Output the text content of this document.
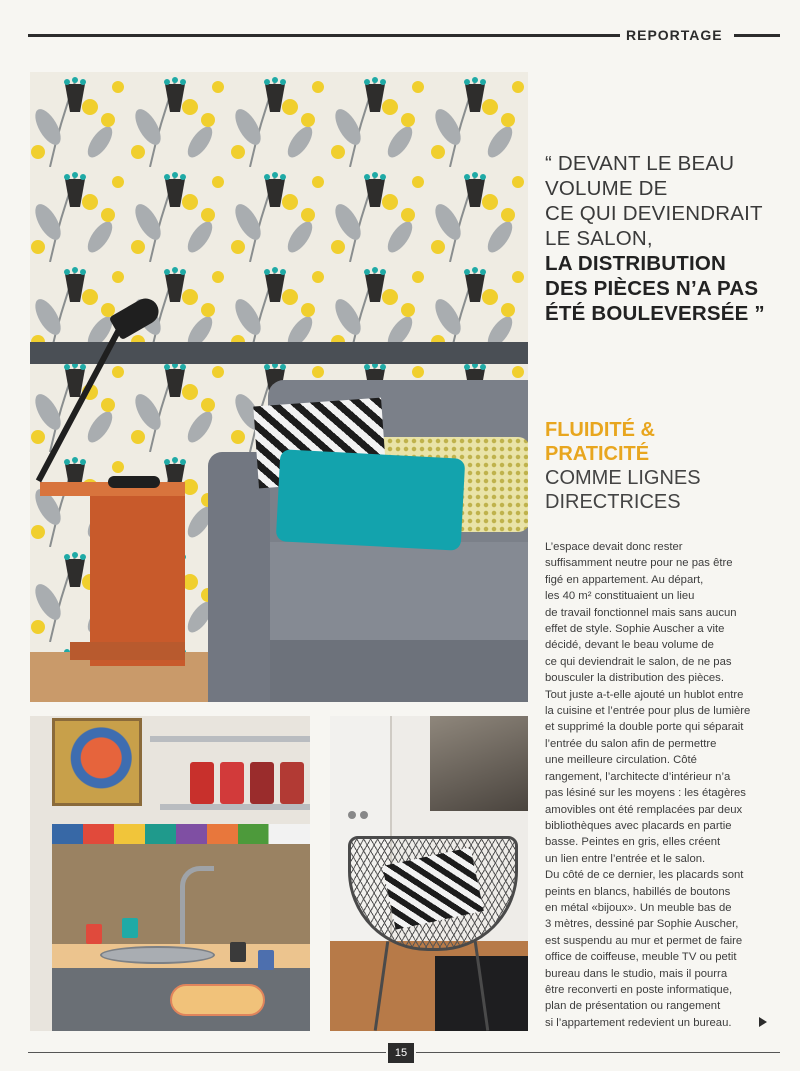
REPORTAGE
“ DEVANT LE BEAU
VOLUME DE
CE QUI DEVIENDRAIT
LE SALON,
LA DISTRIBUTION
DES PIÈCES N’A PAS
ÉTÉ BOULEVERSÉE ”
FLUIDITÉ &
PRATICITÉ
COMME LIGNES
DIRECTRICES
L’espace devait donc rester
suffisamment neutre pour ne pas être
figé en appartement. Au départ,
les 40 m² constituaient un lieu
de travail fonctionnel mais sans aucun
effet de style. Sophie Auscher a vite
décidé, devant le beau volume de
ce qui deviendrait le salon, de ne pas
bousculer la distribution des pièces.
Tout juste a-t-elle ajouté un hublot entre
la cuisine et l’entrée pour plus de lumière
et supprimé la double porte qui séparait
l’entrée du salon afin de permettre
une meilleure circulation. Côté
rangement, l’architecte d’intérieur n’a
pas lésiné sur les moyens : les étagères
amovibles ont été remplacées par deux
bibliothèques avec placards en partie
basse. Peintes en gris, elles créent
un lien entre l’entrée et le salon.
Du côté de ce dernier, les placards sont
peints en blancs, habillés de boutons
en métal «bijoux». Un meuble bas de
3 mètres, dessiné par Sophie Auscher,
est suspendu au mur et permet de faire
office de coiffeuse, meuble TV ou petit
bureau dans le studio, mais il pourra
être reconverti en poste informatique,
plan de présentation ou rangement
si l’appartement redevient un bureau.
15
